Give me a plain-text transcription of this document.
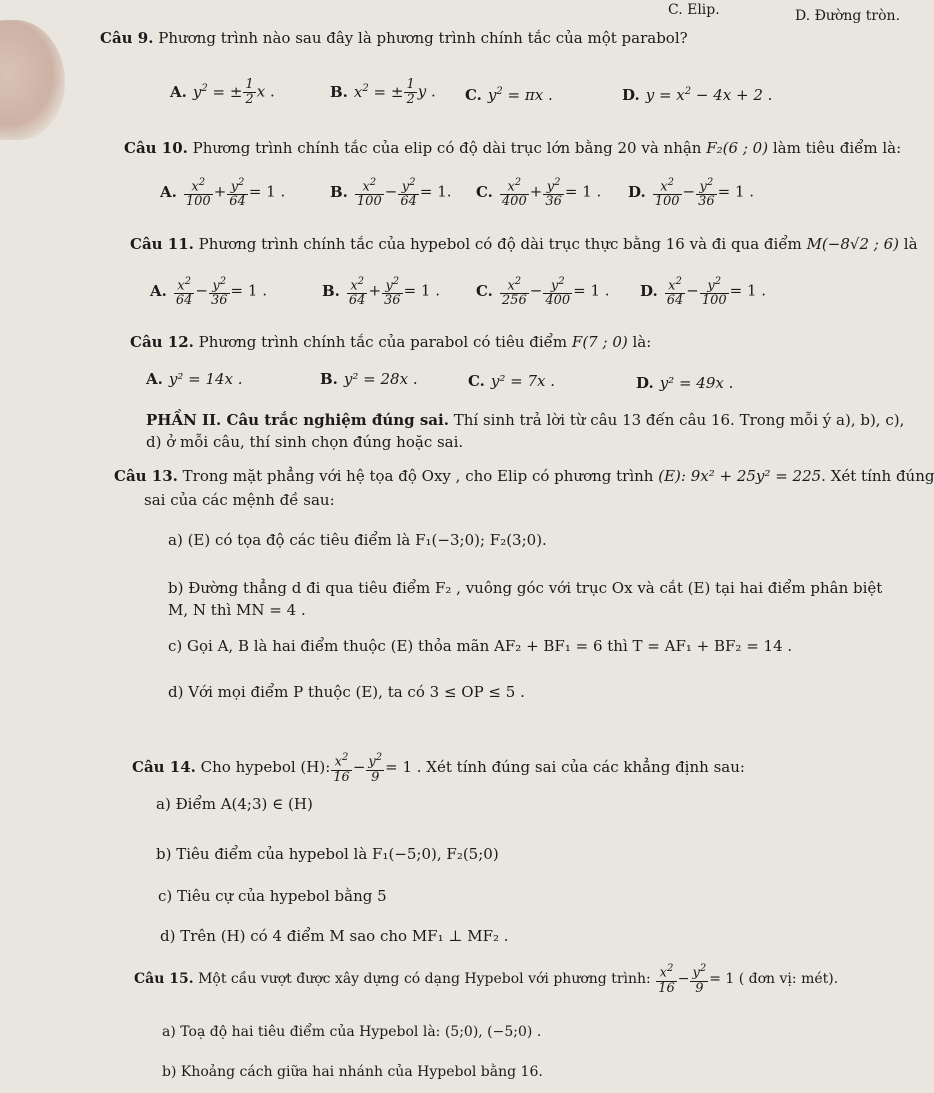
C. Elip.	D. Đường tròn.
Câu 9. Phương trình nào sau đây là phương trình chính tắc của một parabol?
A. $y^2$ = ± $\frac{1}{2}$ x .	B. $x^2$ = ± $\frac{1}{2}$ y . C. $y^2 = \pi x$ .	D. $y = x^2 - 4x + 2$ .
Câu 10. Phương trình chính tắc của elip có độ dài trục lớn bằng 20 và nhận F₂(6 ; 0) làm tiêu điểm là:
A. $\frac{x^2}{100} + \frac{y^2}{64} = 1$ .	B. $\frac{x^2}{100} - \frac{y^2}{64} = 1$. C. $\frac{x^2}{400} + \frac{y^2}{36} = 1$ . D. $\frac{x^2}{100} - \frac{y^2}{36} = 1$ .
Câu 11. Phương trình chính tắc của hypebol có độ dài trục thực bằng 16 và đi qua điểm M(−8√2 ; 6) là
A. $\frac{x^2}{64} - \frac{y^2}{36} = 1$ .	B. $\frac{x^2}{64} + \frac{y^2}{36} = 1$ . C. $\frac{x^2}{256} - \frac{y^2}{400} = 1$ . D. $\frac{x^2}{64} - \frac{y^2}{100} = 1$ .
Câu 12. Phương trình chính tắc của parabol có tiêu điểm F(7 ; 0) là:
A. y² = 14x .	B. y² = 28x .	C. y² = 7x .	D. y² = 49x .
PHẦN II. Câu trắc nghiệm đúng sai. Thí sinh trả lời từ câu 13 đến câu 16. Trong mỗi ý a), b), c),
d) ở mỗi câu, thí sinh chọn đúng hoặc sai.
Câu 13. Trong mặt phẳng với hệ tọa độ Oxy , cho Elip có phương trình (E): 9x² + 25y² = 225. Xét tính đúng
sai của các mệnh đề sau:
a) (E) có tọa độ các tiêu điểm là F₁(−3;0); F₂(3;0).
b) Đường thẳng d đi qua tiêu điểm F₂ , vuông góc với trục Ox và cắt (E) tại hai điểm phân biệt
M, N thì MN = 4 .
c) Gọi A, B là hai điểm thuộc (E) thỏa mãn AF₂ + BF₁ = 6 thì T = AF₁ + BF₂ = 14 .
d) Với mọi điểm P thuộc (E), ta có 3 ≤ OP ≤ 5 .
Câu 14. Cho hypebol (H): $\frac{x^2}{16} - \frac{y^2}{9} = 1$ . Xét tính đúng sai của các khẳng định sau:
a) Điểm A(4;3) ∈ (H)
b) Tiêu điểm của hypebol là F₁(−5;0), F₂(5;0)
c) Tiêu cự của hypebol bằng 5
d) Trên (H) có 4 điểm M sao cho MF₁ ⊥ MF₂ .
Câu 15. Một cầu vượt được xây dựng có dạng Hypebol với phương trình: $\frac{x^2}{16} - \frac{y^2}{9} = 1$ ( đơn vị: mét).
a) Toạ độ hai tiêu điểm của Hypebol là: (5;0), (−5;0) .
b) Khoảng cách giữa hai nhánh của Hypebol bằng 16.
